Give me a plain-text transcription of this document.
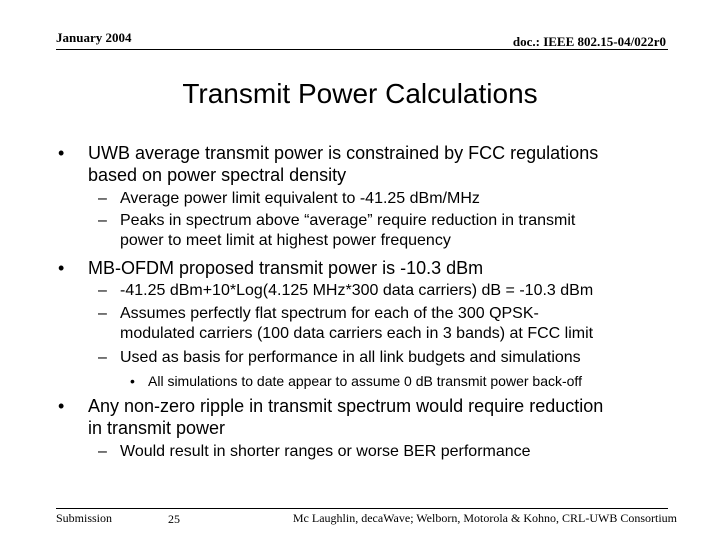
January 2004	doc.: IEEE 802.15-04/022r0
Transmit Power Calculations
• UWB average transmit power is constrained by FCC regulations
based on power spectral density
– Average power limit equivalent to -41.25 dBm/MHz
– Peaks in spectrum above “average” require reduction in transmit
power to meet limit at highest power frequency
• MB-OFDM proposed transmit power is -10.3 dBm
– -41.25 dBm+10*Log(4.125 MHz*300 data carriers) dB = -10.3 dBm
– Assumes perfectly flat spectrum for each of the 300 QPSK-
modulated carriers (100 data carriers each in 3 bands) at FCC limit
– Used as basis for performance in all link budgets and simulations
• All simulations to date appear to assume 0 dB transmit power back-off
• Any non-zero ripple in transmit spectrum would require reduction
in transmit power
– Would result in shorter ranges or worse BER performance
Submission	25	Mc Laughlin, decaWave; Welborn, Motorola & Kohno, CRL-UWB Consortium
